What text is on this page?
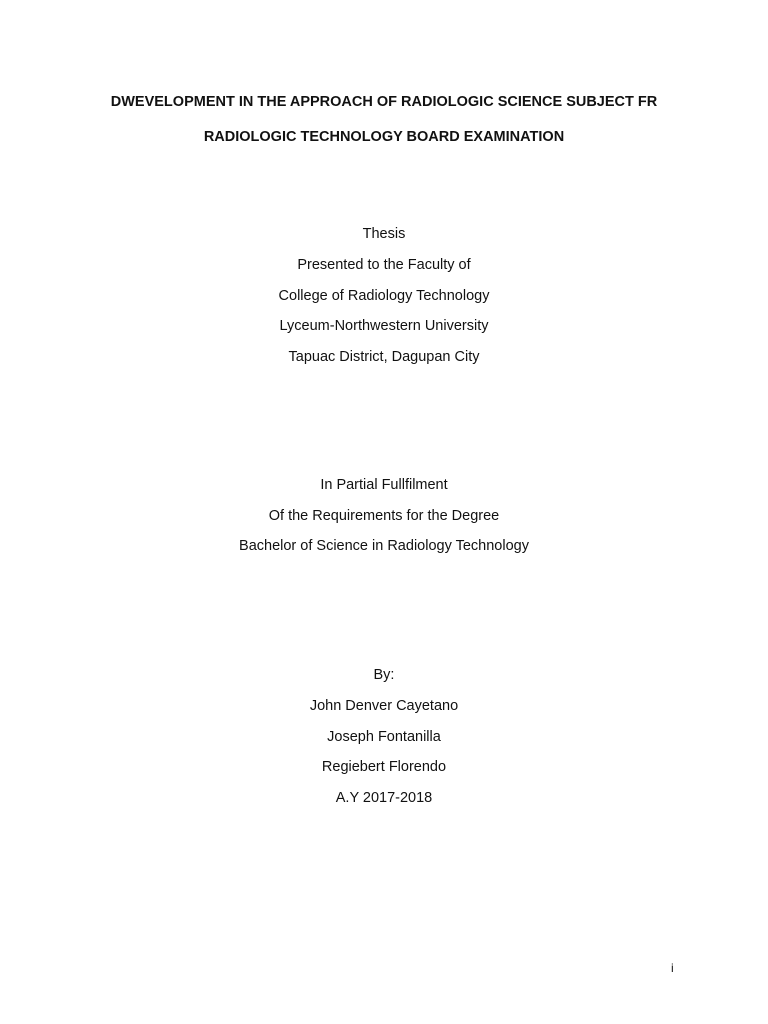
DWEVELOPMENT IN THE APPROACH OF RADIOLOGIC SCIENCE SUBJECT FR
RADIOLOGIC TECHNOLOGY BOARD EXAMINATION
Thesis
Presented to the Faculty of
College of Radiology Technology
Lyceum-Northwestern University
Tapuac District, Dagupan City
In Partial Fullfilment
Of the Requirements for the Degree
Bachelor of Science in Radiology Technology
By:
John Denver Cayetano
Joseph Fontanilla
Regiebert Florendo
A.Y 2017-2018
i
